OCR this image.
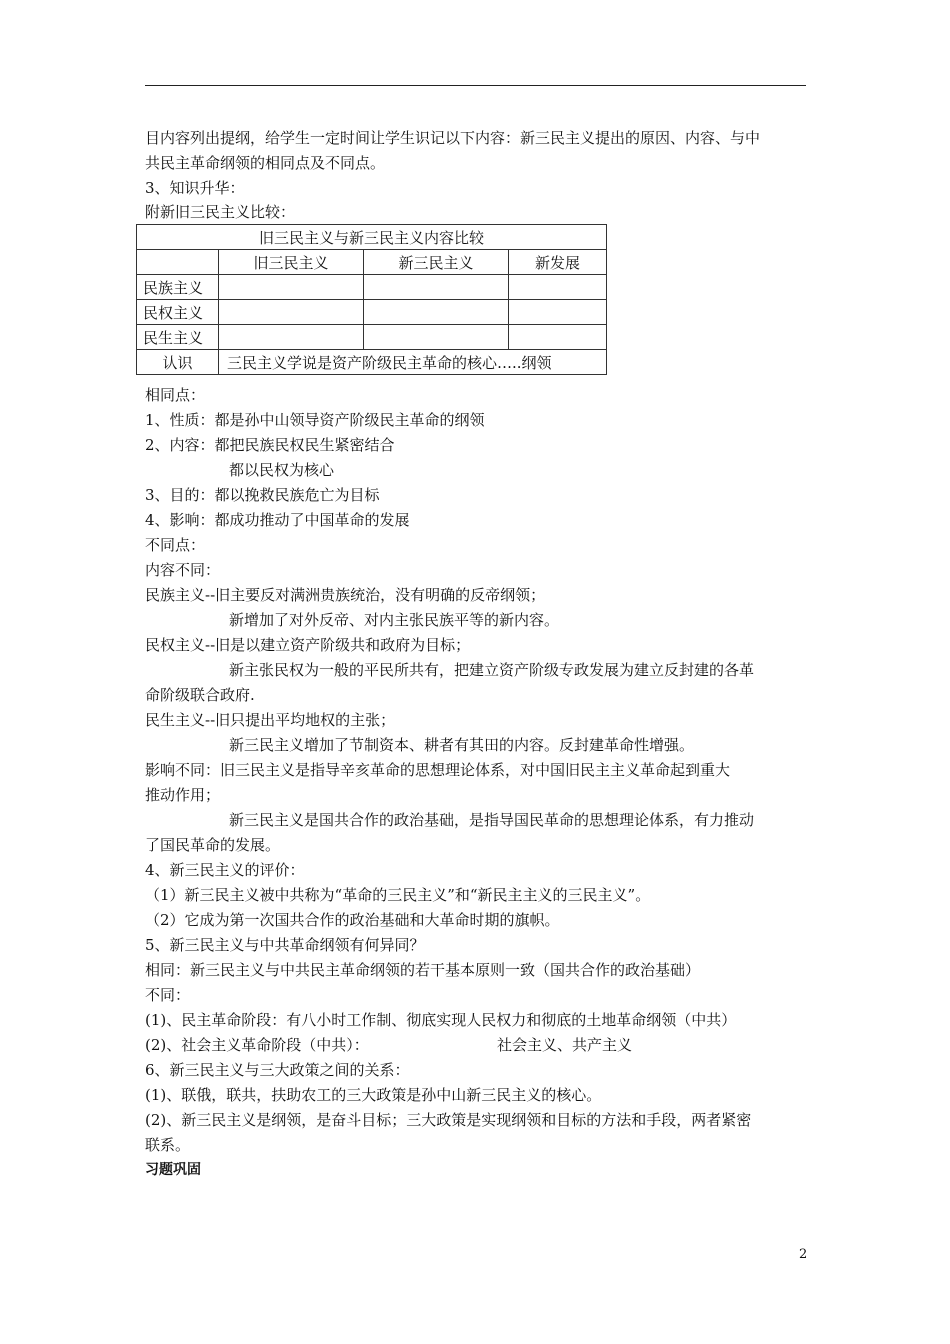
目内容列出提纲，给学生一定时间让学生识记以下内容：新三民主义提出的原因、内容、与中
共民主革命纲领的相同点及不同点。
3、知识升华：
附新旧三民主义比较：
旧三民主义与新三民主义内容比较			
	旧三民主义	新三民主义	新发展
民族主义			
民权主义			
民生主义			
认识	三民主义学说是资产阶级民主革命的核心…..纲领		
相同点：
1、性质：都是孙中山领导资产阶级民主革命的纲领
2、内容：都把民族民权民生紧密结合
都以民权为核心
3、目的：都以挽救民族危亡为目标
4、影响：都成功推动了中国革命的发展
不同点：
内容不同：
民族主义--旧主要反对满洲贵族统治，没有明确的反帝纲领；
新增加了对外反帝、对内主张民族平等的新内容。
民权主义--旧是以建立资产阶级共和政府为目标；
新主张民权为一般的平民所共有，把建立资产阶级专政发展为建立反封建的各革
命阶级联合政府.
民生主义--旧只提出平均地权的主张；
新三民主义增加了节制资本、耕者有其田的内容。反封建革命性增强。
影响不同：旧三民主义是指导辛亥革命的思想理论体系，对中国旧民主主义革命起到重大
推动作用；
新三民主义是国共合作的政治基础，是指导国民革命的思想理论体系，有力推动
了国民革命的发展。
4、新三民主义的评价：
（1）新三民主义被中共称为“革命的三民主义”和“新民主主义的三民主义”。
（2）它成为第一次国共合作的政治基础和大革命时期的旗帜。
5、新三民主义与中共革命纲领有何异同？
相同：新三民主义与中共民主革命纲领的若干基本原则一致（国共合作的政治基础）
不同：
(1)、民主革命阶段：有八小时工作制、彻底实现人民权力和彻底的土地革命纲领（中共）
(2)、社会主义革命阶段（中共）：	社会主义、共产主义
6、新三民主义与三大政策之间的关系：
(1)、联俄，联共，扶助农工的三大政策是孙中山新三民主义的核心。
(2)、新三民主义是纲领，是奋斗目标；三大政策是实现纲领和目标的方法和手段，两者紧密
联系。
习题巩固
2
